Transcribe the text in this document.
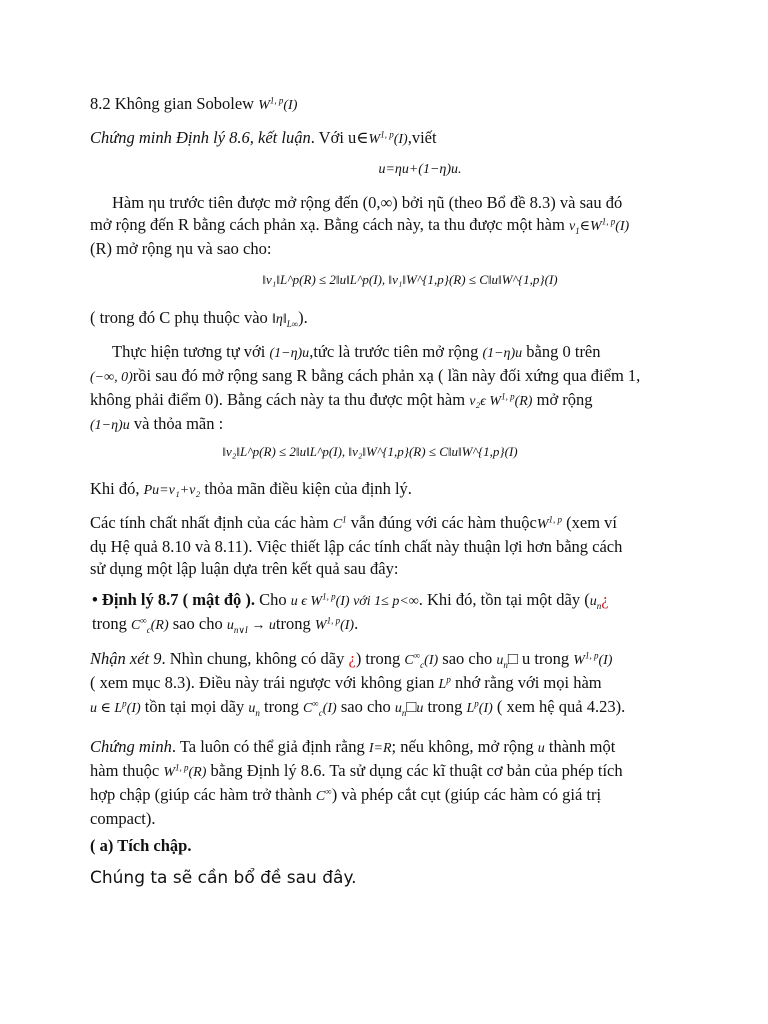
8.2 Không gian Sobolew W$^{1, p}$(I)
Chứng minh Định lý 8.6, kết luận. Với $u\in W^{1, p}(I),viết$
u=ηu+(1−η)u.

Hàm ηu trước tiên được mở rộng đến (0,∞) bởi ηũ (theo Bổ đề 8.3) và sau đó

mở rộng đến R bằng cách phản xạ. Bằng cách này, ta thu được một hàm $v_1\in W^{1, p}(I)$

(R) mở rộng ηu và sao cho:

‖v₁‖L^p(R) ≤ 2‖u‖L^p(I), ‖v₁‖W^{1,p}(R) ≤ C‖u‖W^{1,p}(I)
( trong đó C phụ thuộc vào $‖\eta‖_{L\infty}$).

Thực hiện tương tự với (1−η)u,tức là trước tiên mở rộng (1−η)u bằng 0 trên

(−∞, 0)rồi sau đó mở rộng sang R bằng cách phản xạ ( lần này đối xứng qua điểm 1,

không phải điểm 0). Bằng cách này ta thu được một hàm v₂ϵ W$^{1, p}$(R) mở rộng

(1−η)u và thỏa mãn :

‖v₂‖L^p(R) ≤ 2‖u‖L^p(I), ‖v₂‖W^{1,p}(R) ≤ C‖u‖W^{1,p}(I)
Khi đó, Pu=v₁+v₂ thỏa mãn điều kiện của định lý.

Các tính chất nhất định của các hàm $C^1$ vẫn đúng với các hàm thuộcW$^{1, p}$ (xem ví

dụ Hệ quả 8.10 và 8.11). Việc thiết lập các tính chất này thuận lợi hơn bằng cách

sử dụng một lập luận dựa trên kết quả sau đây:

• Định lý 8.7 ( mật độ ). Cho u ϵ W$^{1, p}$(I) với 1≤ p<∞. Khi đó, tồn tại một dãy ($u_n¿$

trong $C^\infty_c(R)$ sao cho $u_{n\vee I}$ → utrong W$^{1, p}$(I).

Nhận xét 9. Nhìn chung, không có dãy ¿) trong $C^\infty_c(I)$ sao cho $u_n□$ u trong W$^{1, p}$(I)

( xem mục 8.3). Điều này trái ngược với không gian $L^p$ nhớ rằng với mọi hàm

u ∈ $L^p(I)$ tồn tại mọi dãy $u_n$ trong $C^\infty_c(I)$ sao cho $u_n□u$ trong $L^p(I)$ ( xem hệ quả 4.23).

Chứng minh. Ta luôn có thể giả định rằng I=R; nếu không, mở rộng u thành một

hàm thuộc W$^{1, p}$(R) bằng Định lý 8.6. Ta sử dụng các kĩ thuật cơ bản của phép tích

hợp chập (giúp các hàm trở thành C∞) và phép cắt cụt (giúp các hàm có giá trị

compact).

( a) Tích chập.
Chúng ta sẽ cần bổ đề sau đây.
